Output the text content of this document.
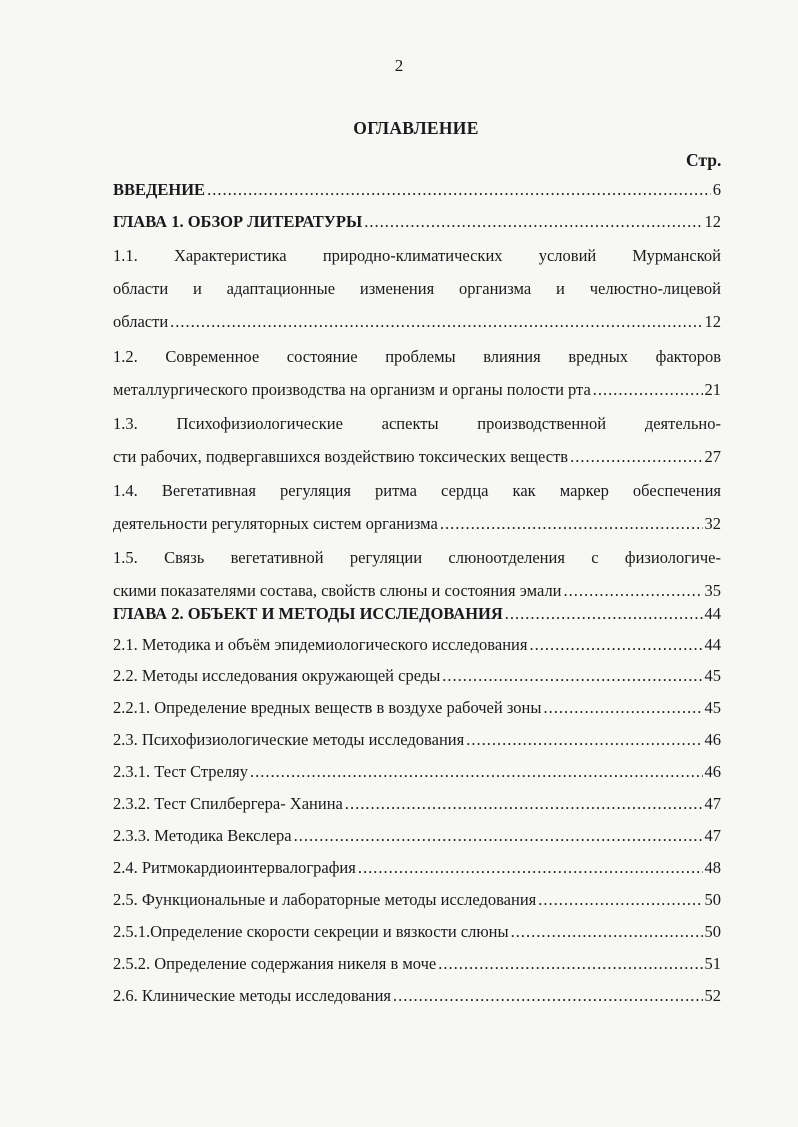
2
ОГЛАВЛЕНИЕ
Стр.
ВВЕДЕНИЕ .....	6
ГЛАВА 1. ОБЗОР ЛИТЕРАТУРЫ .....	12
1.1. Характеристика природно-климатических условий Мурманской
области и адаптационные изменения организма и челюстно-лицевой
области .....	12
1.2. Современное состояние проблемы влияния вредных факторов
металлургического производства на организм и органы полости рта .....	21
1.3. Психофизиологические аспекты производственной деятельно-
сти рабочих, подвергавшихся воздействию токсических веществ .....	27
1.4. Вегетативная регуляция ритма сердца как маркер обеспечения
деятельности регуляторных систем организма .....	32
1.5. Связь вегетативной регуляции слюноотделения с физиологиче-
скими показателями состава, свойств слюны и состояния эмали .....	35
ГЛАВА 2. ОБЪЕКТ И МЕТОДЫ ИССЛЕДОВАНИЯ .....	44
2.1. Методика и объём эпидемиологического исследования .....	44
2.2. Методы исследования окружающей среды .....	45
2.2.1. Определение вредных веществ в воздухе рабочей зоны .....	45
2.3. Психофизиологические методы исследования .....	46
2.3.1. Тест Стреляу .....	46
2.3.2. Тест Спилбергера- Ханина .....	47
2.3.3. Методика Векслера .....	47
2.4. Ритмокардиоинтервалография .....	48
2.5. Функциональные и лабораторные методы исследования .....	50
2.5.1.Определение скорости секреции и вязкости слюны .....	50
2.5.2. Определение содержания никеля в моче .....	51
2.6. Клинические методы исследования .....	52
